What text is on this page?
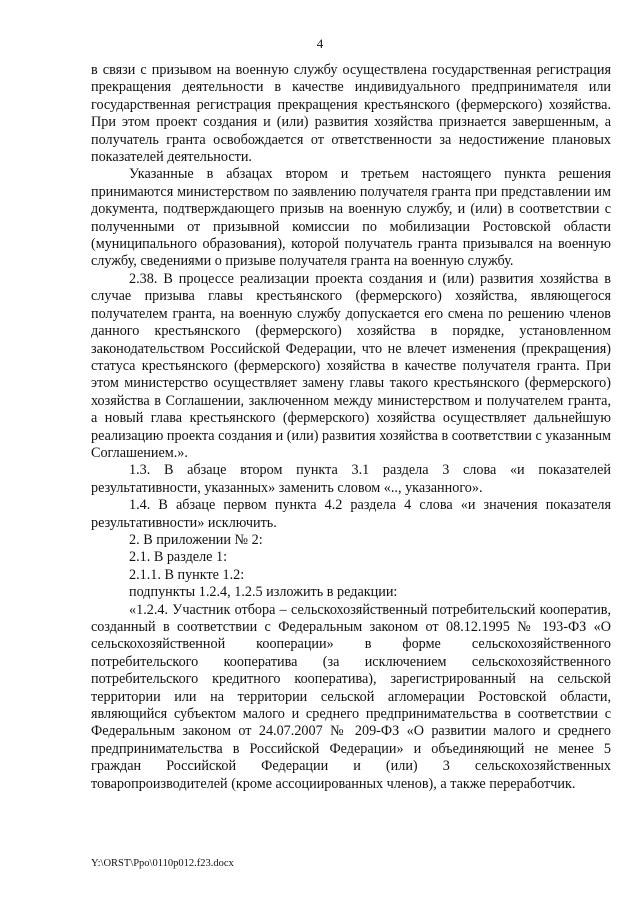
4

в связи с призывом на военную службу осуществлена государственная регистрация прекращения деятельности в качестве индивидуального предпринимателя или государственная регистрация прекращения крестьянского (фермерского) хозяйства. При этом проект создания и (или) развития хозяйства признается завершенным, а получатель гранта освобождается от ответственности за недостижение плановых показателей деятельности.

Указанные в абзацах втором и третьем настоящего пункта решения принимаются министерством по заявлению получателя гранта при представлении им документа, подтверждающего призыв на военную службу, и (или) в соответствии с полученными от призывной комиссии по мобилизации Ростовской области (муниципального образования), которой получатель гранта призывался на военную службу, сведениями о призыве получателя гранта на военную службу.

2.38. В процессе реализации проекта создания и (или) развития хозяйства в случае призыва главы крестьянского (фермерского) хозяйства, являющегося получателем гранта, на военную службу допускается его смена по решению членов данного крестьянского (фермерского) хозяйства в порядке, установленном законодательством Российской Федерации, что не влечет изменения (прекращения) статуса крестьянского (фермерского) хозяйства в качестве получателя гранта. При этом министерство осуществляет замену главы такого крестьянского (фермерского) хозяйства в Соглашении, заключенном между министерством и получателем гранта, а новый глава крестьянского (фермерского) хозяйства осуществляет дальнейшую реализацию проекта создания и (или) развития хозяйства в соответствии с указанным Соглашением.».

1.3. В абзаце втором пункта 3.1 раздела 3 слова «и показателей результативности, указанных» заменить словом «.., указанного».

1.4. В абзаце первом пункта 4.2 раздела 4 слова «и значения показателя результативности» исключить.

2. В приложении № 2:

2.1. В разделе 1:

2.1.1. В пункте 1.2:

подпункты 1.2.4, 1.2.5 изложить в редакции:

«1.2.4. Участник отбора – сельскохозяйственный потребительский кооператив, созданный в соответствии с Федеральным законом от 08.12.1995 № 193-ФЗ «О сельскохозяйственной кооперации» в форме сельскохозяйственного потребительского кооператива (за исключением сельскохозяйственного потребительского кредитного кооператива), зарегистрированный на сельской территории или на территории сельской агломерации Ростовской области, являющийся субъектом малого и среднего предпринимательства в соответствии с Федеральным законом от 24.07.2007 № 209-ФЗ «О развитии малого и среднего предпринимательства в Российской Федерации» и объединяющий не менее 5 граждан Российской Федерации и (или) 3 сельскохозяйственных товаропроизводителей (кроме ассоциированных членов), а также переработчик.

Y:\ORST\Ppo\0110p012.f23.docx
